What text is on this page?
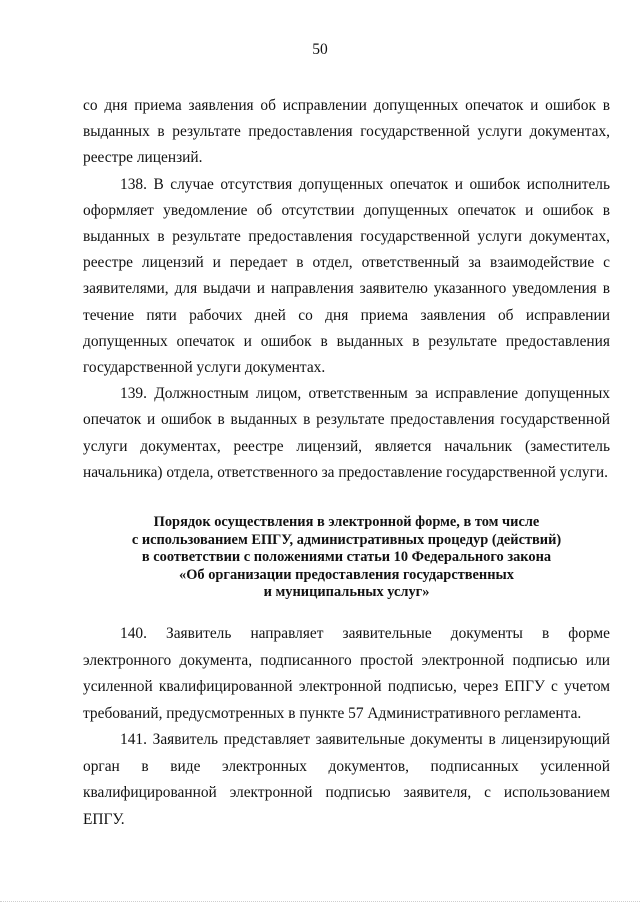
50

со дня приема заявления об исправлении допущенных опечаток и ошибок в выданных в результате предоставления государственной услуги документах, реестре лицензий.

138. В случае отсутствия допущенных опечаток и ошибок исполнитель оформляет уведомление об отсутствии допущенных опечаток и ошибок в выданных в результате предоставления государственной услуги документах, реестре лицензий и передает в отдел, ответственный за взаимодействие с заявителями, для выдачи и направления заявителю указанного уведомления в течение пяти рабочих дней со дня приема заявления об исправлении допущенных опечаток и ошибок в выданных в результате предоставления государственной услуги документах.

139. Должностным лицом, ответственным за исправление допущенных опечаток и ошибок в выданных в результате предоставления государственной услуги документах, реестре лицензий, является начальник (заместитель начальника) отдела, ответственного за предоставление государственной услуги.

Порядок осуществления в электронной форме, в том числе
с использованием ЕПГУ, административных процедур (действий)
в соответствии с положениями статьи 10 Федерального закона
«Об организации предоставления государственных
и муниципальных услуг»

140. Заявитель направляет заявительные документы в форме электронного документа, подписанного простой электронной подписью или усиленной квалифицированной электронной подписью, через ЕПГУ с учетом требований, предусмотренных в пункте 57 Административного регламента.

141. Заявитель представляет заявительные документы в лицензирующий орган в виде электронных документов, подписанных усиленной квалифицированной электронной подписью заявителя, с использованием ЕПГУ.
